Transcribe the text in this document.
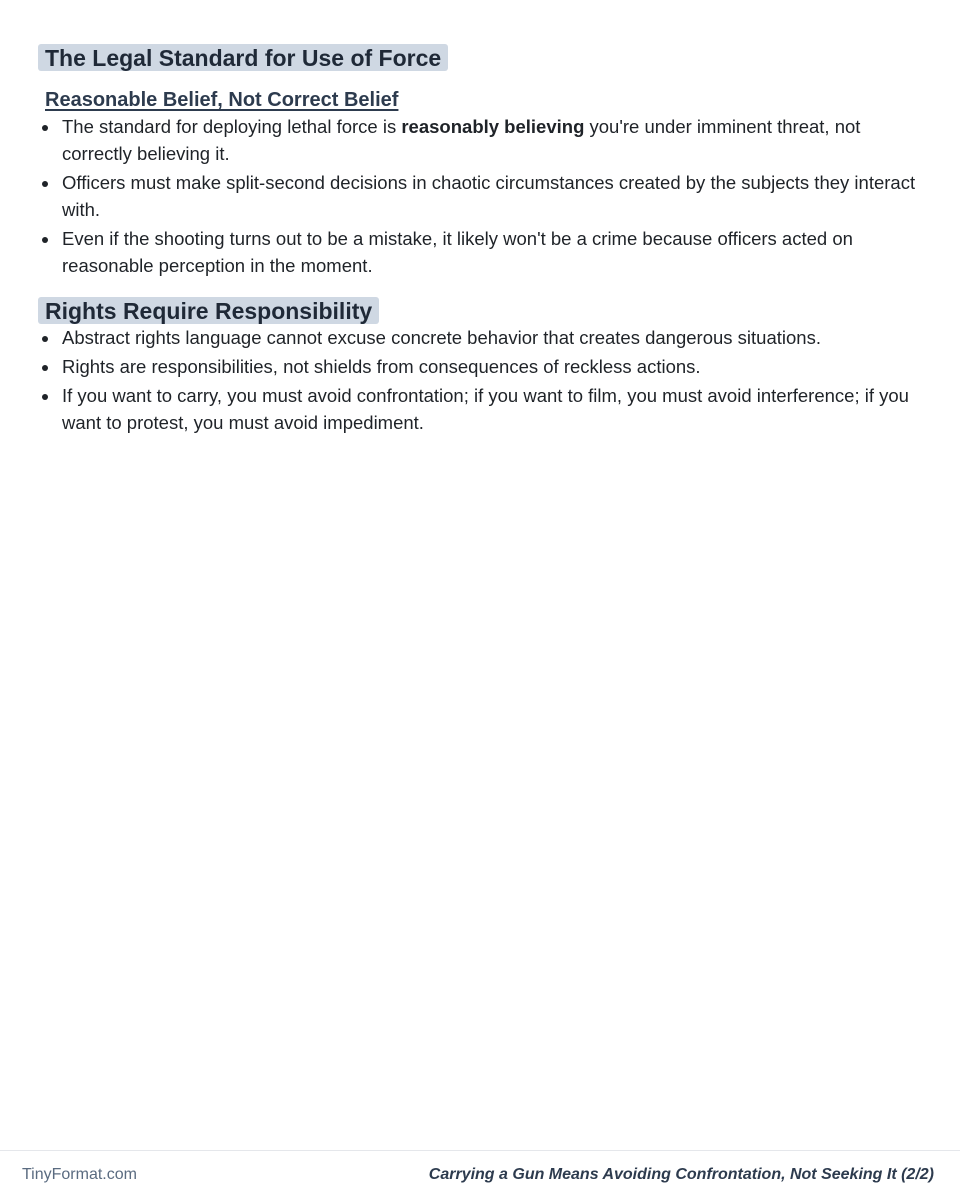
The Legal Standard for Use of Force
Reasonable Belief, Not Correct Belief
The standard for deploying lethal force is reasonably believing you're under imminent threat, not correctly believing it.
Officers must make split-second decisions in chaotic circumstances created by the subjects they interact with.
Even if the shooting turns out to be a mistake, it likely won't be a crime because officers acted on reasonable perception in the moment.
Rights Require Responsibility
Abstract rights language cannot excuse concrete behavior that creates dangerous situations.
Rights are responsibilities, not shields from consequences of reckless actions.
If you want to carry, you must avoid confrontation; if you want to film, you must avoid interference; if you want to protest, you must avoid impediment.
TinyFormat.com	Carrying a Gun Means Avoiding Confrontation, Not Seeking It (2/2)
